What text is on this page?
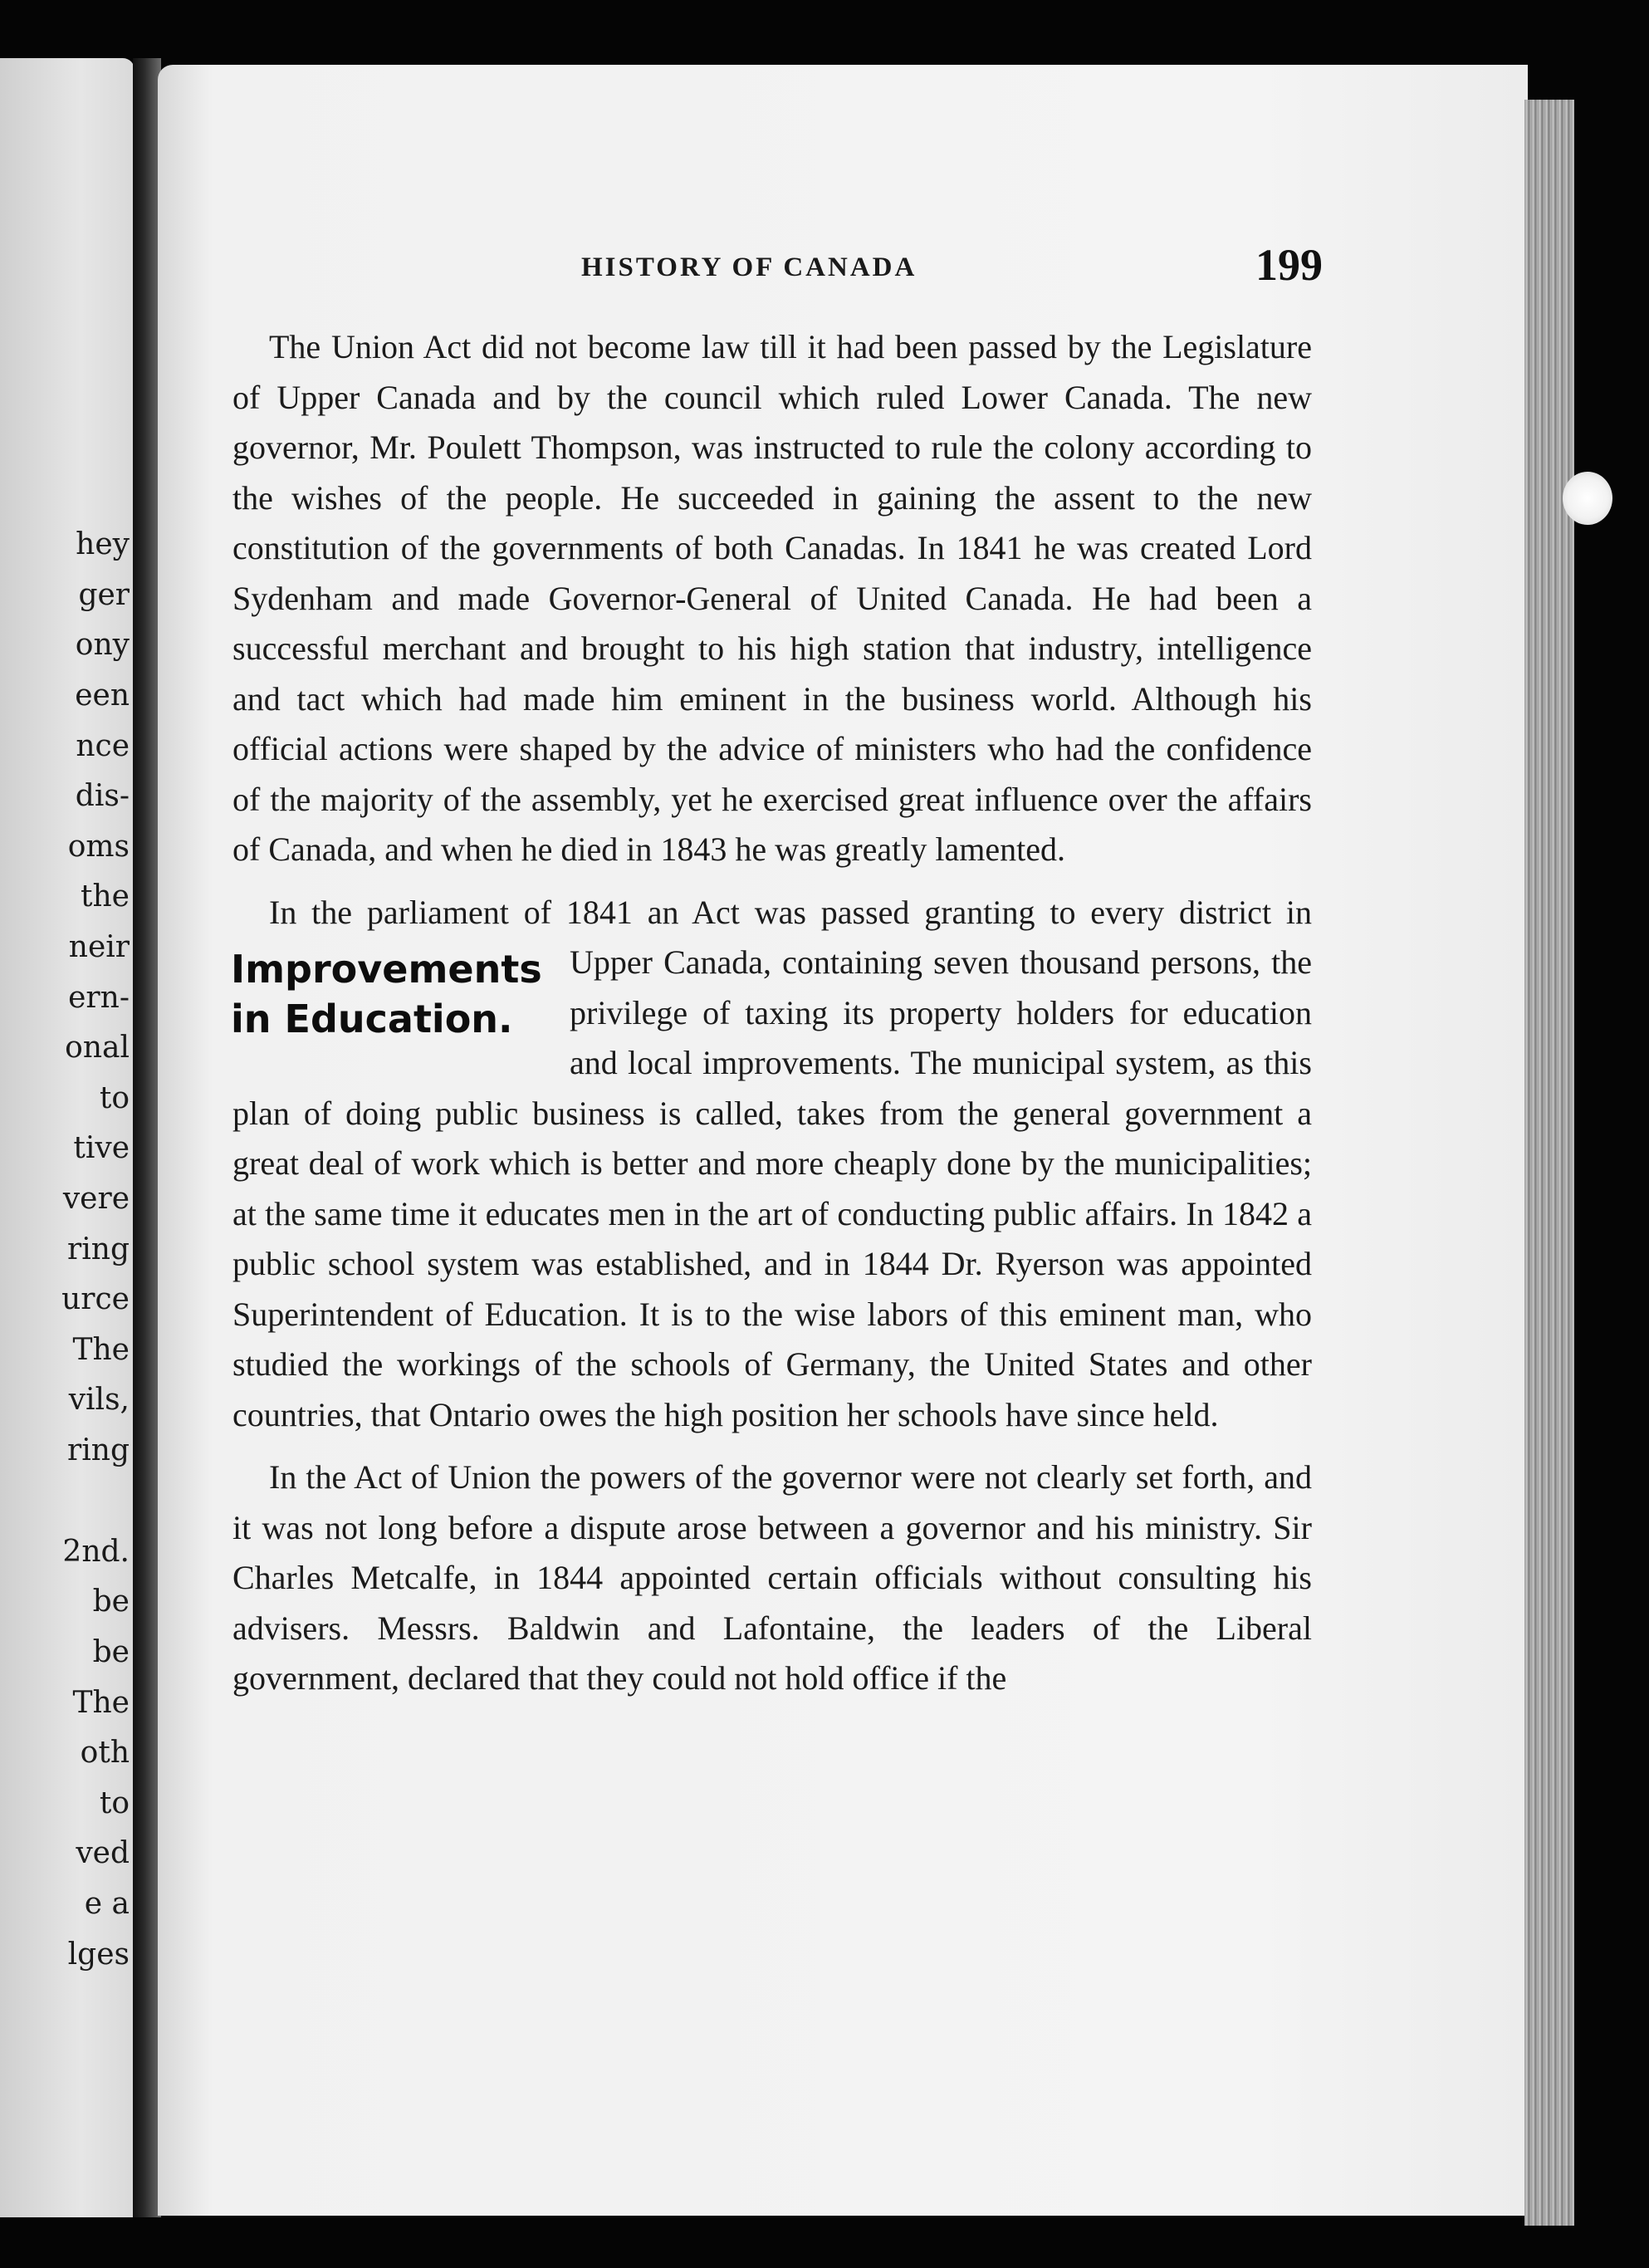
hey
ger
ony
een
nce
dis-
oms
the
neir
ern-
onal
to
tive
vere
ring
urce
The
vils,
ring
2nd.
be
be
The
oth
to
ved
e a
lges
HISTORY OF CANADA	199

The Union Act did not become law till it had been passed by the Legislature of Upper Canada and by the council which ruled Lower Canada. The new governor, Mr. Poulett Thompson, was instructed to rule the colony according to the wishes of the people. He succeeded in gaining the assent to the new constitution of the governments of both Canadas. In 1841 he was created Lord Sydenham and made Governor-General of United Canada. He had been a successful merchant and brought to his high station that industry, intelligence and tact which had made him eminent in the business world. Although his official actions were shaped by the advice of ministers who had the confidence of the majority of the assembly, yet he exercised great influence over the affairs of Canada, and when he died in 1843 he was greatly lamented.

In the parliament of 1841 an Act was passed granting to every district in Upper Canada, containing seven thousand
Improvements in Education.
persons, the privilege of taxing its property holders for education and local improvements. The municipal system, as this plan of doing public business is called, takes from the general government a great deal of work which is better and more cheaply done by the municipalities; at the same time it educates men in the art of conducting public affairs. In 1842 a public school system was established, and in 1844 Dr. Ryerson was appointed Superintendent of Education. It is to the wise labors of this eminent man, who studied the workings of the schools of Germany, the United States and other countries, that Ontario owes the high position her schools have since held.

In the Act of Union the powers of the governor were not clearly set forth, and it was not long before a dispute arose between a governor and his ministry. Sir Charles Metcalfe, in 1844 appointed certain officials without consulting his advisers. Messrs. Baldwin and Lafontaine, the leaders of the Liberal government, declared that they could not hold office if the
